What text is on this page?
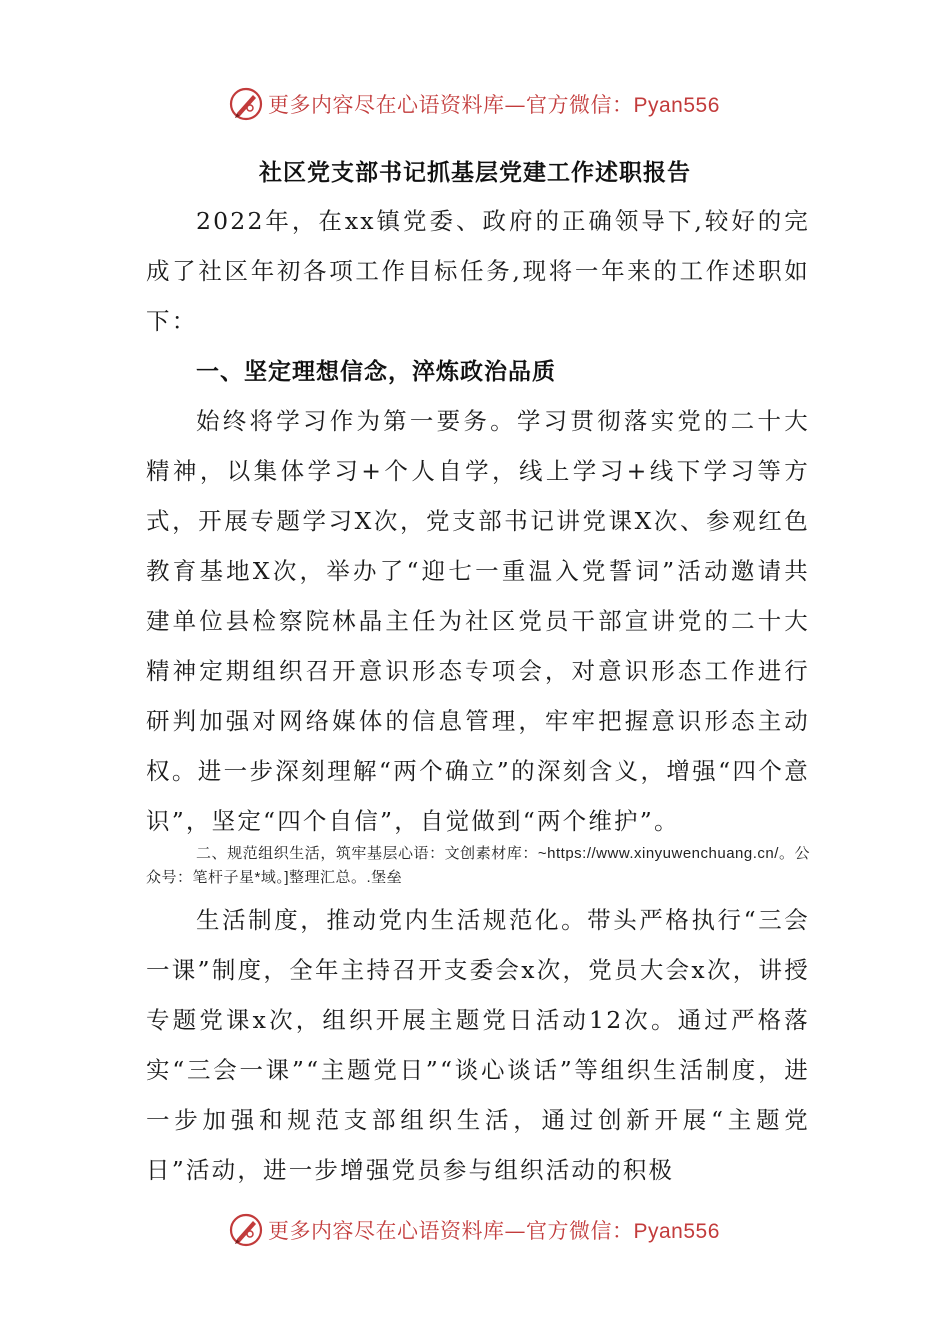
更多内容尽在心语资料库—官方微信：Pyan556
社区党支部书记抓基层党建工作述职报告

2022年，在xx镇党委、政府的正确领导下,较好的完成了社区年初各项工作目标任务,现将一年来的工作述职如下：

一、坚定理想信念，淬炼政治品质

始终将学习作为第一要务。学习贯彻落实党的二十大精神，以集体学习+个人自学，线上学习+线下学习等方式，开展专题学习X次，党支部书记讲党课X次、参观红色教育基地X次，举办了“迎七一重温入党誓词”活动邀请共建单位县检察院林晶主任为社区党员干部宣讲党的二十大精神定期组织召开意识形态专项会，对意识形态工作进行研判加强对网络媒体的信息管理，牢牢把握意识形态主动权。进一步深刻理解“两个确立”的深刻含义，增强“四个意识”，坚定“四个自信”，自觉做到“两个维护”。

二、规范组织生活，筑牢基层心语：文创素材库：~https://www.xinyuwenchuang.cn/。公众号：笔杆子星*域。]整理汇总。.堡垒

生活制度，推动党内生活规范化。带头严格执行“三会一课”制度，全年主持召开支委会x次，党员大会x次，讲授专题党课x次，组织开展主题党日活动12次。通过严格落实“三会一课”“主题党日”“谈心谈话”等组织生活制度，进一步加强和规范支部组织生活，通过创新开展“主题党日”活动，进一步增强党员参与组织活动的积极

更多内容尽在心语资料库—官方微信：Pyan556
